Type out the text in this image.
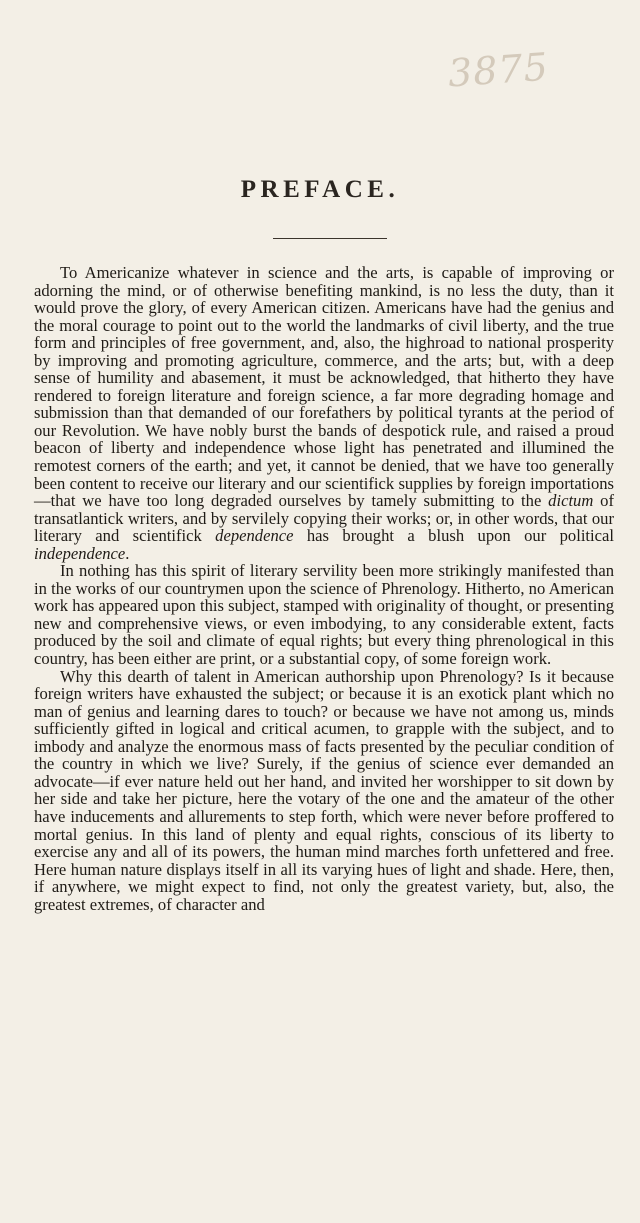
3875
PREFACE.

To Americanize whatever in science and the arts, is capable of improving or adorning the mind, or of otherwise benefiting mankind, is no less the duty, than it would prove the glory, of every American citizen. Americans have had the genius and the moral courage to point out to the world the landmarks of civil liberty, and the true form and principles of free government, and, also, the highroad to national prosperity by improving and promoting agriculture, commerce, and the arts; but, with a deep sense of humility and abasement, it must be acknowledged, that hitherto they have rendered to foreign literature and foreign science, a far more degrading homage and submission than that demanded of our forefathers by political tyrants at the period of our Revolution. We have nobly burst the bands of despotick rule, and raised a proud beacon of liberty and independence whose light has penetrated and illumined the remotest corners of the earth; and yet, it cannot be denied, that we have too generally been content to receive our literary and our scientifick supplies by foreign importations—that we have too long degraded ourselves by tamely submitting to the dictum of transatlantick writers, and by servilely copying their works; or, in other words, that our literary and scientifick dependence has brought a blush upon our political independence.

In nothing has this spirit of literary servility been more strikingly manifested than in the works of our countrymen upon the science of Phrenology. Hitherto, no American work has appeared upon this subject, stamped with originality of thought, or presenting new and comprehensive views, or even imbodying, to any considerable extent, facts produced by the soil and climate of equal rights; but every thing phrenological in this country, has been either are print, or a substantial copy, of some foreign work.

Why this dearth of talent in American authorship upon Phrenology? Is it because foreign writers have exhausted the subject; or because it is an exotick plant which no man of genius and learning dares to touch? or because we have not among us, minds sufficiently gifted in logical and critical acumen, to grapple with the subject, and to imbody and analyze the enormous mass of facts presented by the peculiar condition of the country in which we live? Surely, if the genius of science ever demanded an advocate—if ever nature held out her hand, and invited her worshipper to sit down by her side and take her picture, here the votary of the one and the amateur of the other have inducements and allurements to step forth, which were never before proffered to mortal genius. In this land of plenty and equal rights, conscious of its liberty to exercise any and all of its powers, the human mind marches forth unfettered and free. Here human nature displays itself in all its varying hues of light and shade. Here, then, if anywhere, we might expect to find, not only the greatest variety, but, also, the greatest extremes, of character and
